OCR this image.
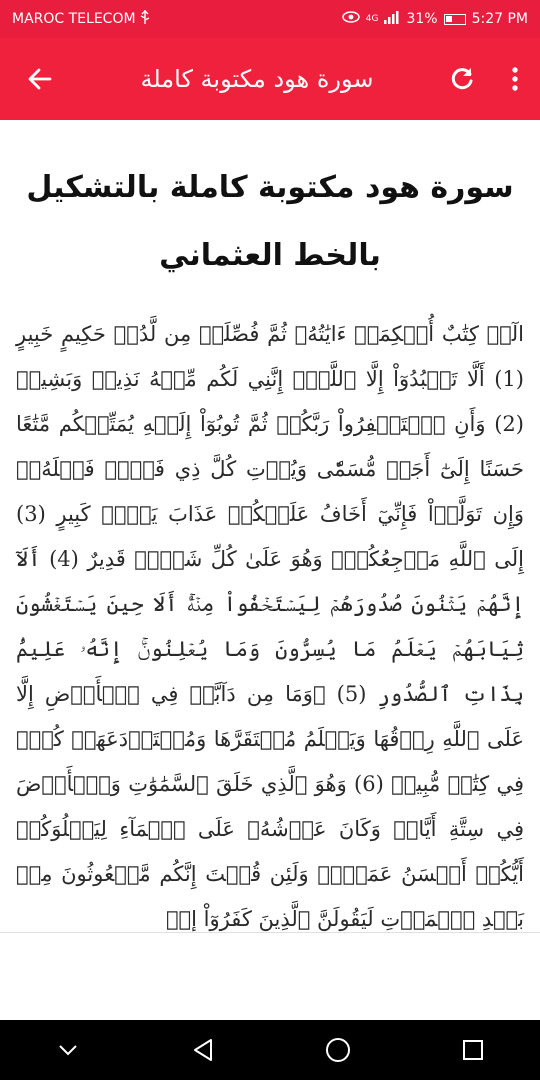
MAROC TELECOM	4G 31% 5:27 PM
سورة هود مكتوبة كاملة
سورة هود مكتوبة كاملة بالتشكيل بالخط العثماني

الٓرۚ كِتَٰبٌ أُحۡكِمَتۡ ءَايَٰتُهُۥ ثُمَّ فُصِّلَتۡ مِن لَّدُنۡ حَكِيمٍ خَبِيرٍ (1) أَلَّا تَعۡبُدُوٓاْ إِلَّا ٱللَّهَۚ إِنَّنِي لَكُم مِّنۡهُ نَذِيرٞ وَبَشِيرٞ (2) وَأَنِ ٱسۡتَغۡفِرُواْ رَبَّكُمۡ ثُمَّ تُوبُوٓاْ إِلَيۡهِ يُمَتِّعۡكُم مَّتَٰعًا حَسَنًا إِلَىٰٓ أَجَلٖ مُّسَمّٗى وَيُؤۡتِ كُلَّ ذِي فَضۡلٖ فَضۡلَهُۥۖ وَإِن تَوَلَّوۡاْ فَإِنِّيٓ أَخَافُ عَلَيۡكُمۡ عَذَابَ يَوۡمٖ كَبِيرٍ (3) إِلَى ٱللَّهِ مَرۡجِعُكُمۡۖ وَهُوَ عَلَىٰ كُلِّ شَيۡءٖ قَدِيرٌ (4) أَلَآ إِنَّهُمۡ يَثۡنُونَ صُدُورَهُمۡ لِيَسۡتَخۡفُواْ مِنۡهُۚ أَلَا حِينَ يَسۡتَغۡشُونَ ثِيَابَهُمۡ يَعۡلَمُ مَا يُسِرُّونَ وَمَا يُعۡلِنُونَۚ إِنَّهُۥ عَلِيمُۢ بِذَاتِ ٱلصُّدُورِ (5) ۞وَمَا مِن دَآبَّةٖ فِي ٱلۡأَرۡضِ إِلَّا عَلَى ٱللَّهِ رِزۡقُهَا وَيَعۡلَمُ مُسۡتَقَرَّهَا وَمُسۡتَوۡدَعَهَاۚ كُلّٞ فِي كِتَٰبٖ مُّبِينٖ (6) وَهُوَ ٱلَّذِي خَلَقَ ٱلسَّمَٰوَٰتِ وَٱلۡأَرۡضَ فِي سِتَّةِ أَيَّامٖ وَكَانَ عَرۡشُهُۥ عَلَى ٱلۡمَآءِ لِيَبۡلُوَكُمۡ أَيُّكُمۡ أَحۡسَنُ عَمَلٗاۗ وَلَئِن قُلۡتَ إِنَّكُم مَّبۡعُوثُونَ مِنۢ بَعۡدِ ٱلۡمَوۡتِ لَيَقُولَنَّ ٱلَّذِينَ كَفَرُوٓاْ إِنۡ
